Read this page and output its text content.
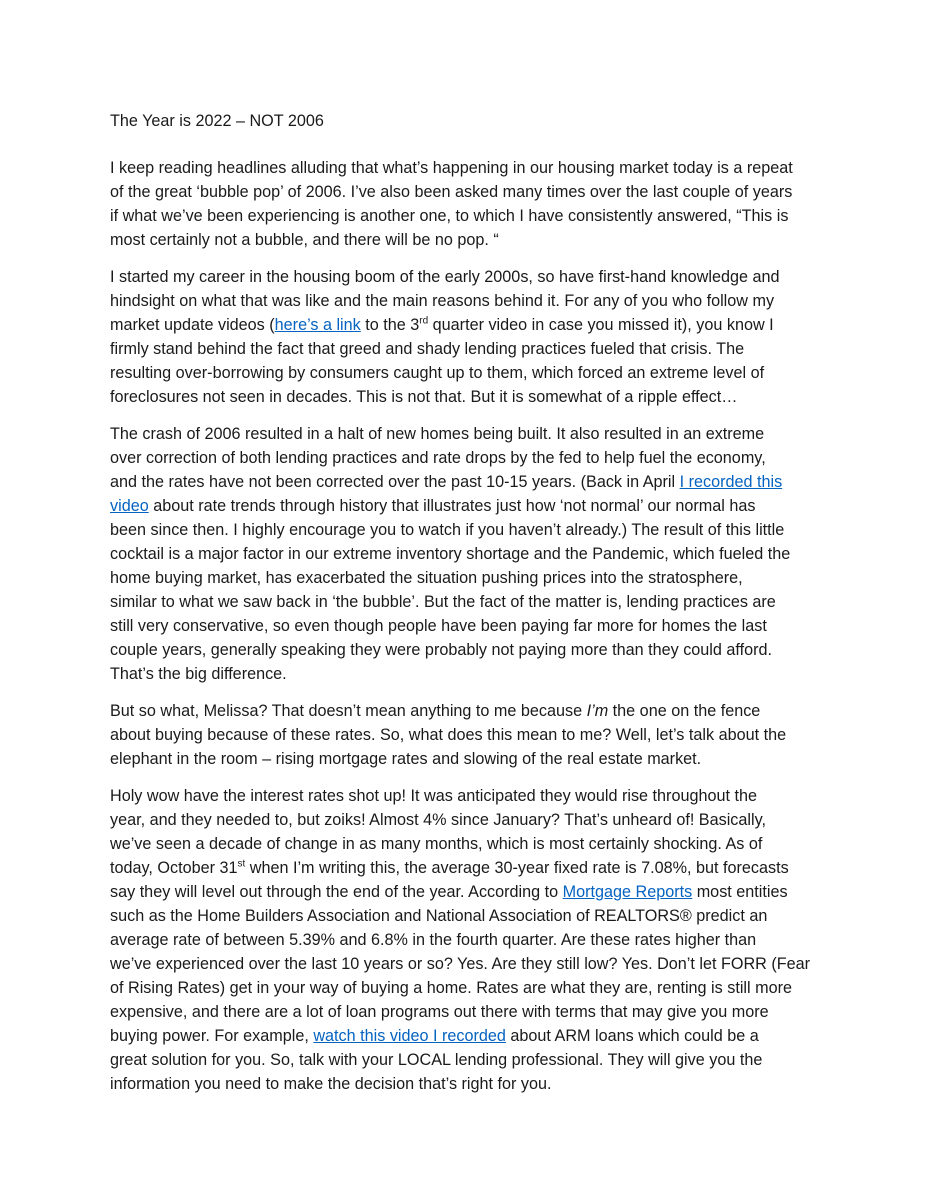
The Year is 2022 – NOT 2006
I keep reading headlines alluding that what’s happening in our housing market today is a repeat
of the great ‘bubble pop’ of 2006. I’ve also been asked many times over the last couple of years
if what we’ve been experiencing is another one, to which I have consistently answered, “This is
most certainly not a bubble, and there will be no pop. “
I started my career in the housing boom of the early 2000s, so have first-hand knowledge and
hindsight on what that was like and the main reasons behind it. For any of you who follow my
market update videos (here’s a link to the 3rd quarter video in case you missed it), you know I
firmly stand behind the fact that greed and shady lending practices fueled that crisis. The
resulting over-borrowing by consumers caught up to them, which forced an extreme level of
foreclosures not seen in decades. This is not that. But it is somewhat of a ripple effect…
The crash of 2006 resulted in a halt of new homes being built. It also resulted in an extreme
over correction of both lending practices and rate drops by the fed to help fuel the economy,
and the rates have not been corrected over the past 10-15 years. (Back in April I recorded this
video about rate trends through history that illustrates just how ‘not normal’ our normal has
been since then. I highly encourage you to watch if you haven’t already.) The result of this little
cocktail is a major factor in our extreme inventory shortage and the Pandemic, which fueled the
home buying market, has exacerbated the situation pushing prices into the stratosphere,
similar to what we saw back in ‘the bubble’. But the fact of the matter is, lending practices are
still very conservative, so even though people have been paying far more for homes the last
couple years, generally speaking they were probably not paying more than they could afford.
That’s the big difference.
But so what, Melissa? That doesn’t mean anything to me because I’m the one on the fence
about buying because of these rates. So, what does this mean to me? Well, let’s talk about the
elephant in the room – rising mortgage rates and slowing of the real estate market.
Holy wow have the interest rates shot up! It was anticipated they would rise throughout the
year, and they needed to, but zoiks! Almost 4% since January? That’s unheard of! Basically,
we’ve seen a decade of change in as many months, which is most certainly shocking. As of
today, October 31st when I’m writing this, the average 30-year fixed rate is 7.08%, but forecasts
say they will level out through the end of the year. According to Mortgage Reports most entities
such as the Home Builders Association and National Association of REALTORS® predict an
average rate of between 5.39% and 6.8% in the fourth quarter. Are these rates higher than
we’ve experienced over the last 10 years or so? Yes. Are they still low? Yes. Don’t let FORR (Fear
of Rising Rates) get in your way of buying a home. Rates are what they are, renting is still more
expensive, and there are a lot of loan programs out there with terms that may give you more
buying power. For example, watch this video I recorded about ARM loans which could be a
great solution for you. So, talk with your LOCAL lending professional. They will give you the
information you need to make the decision that’s right for you.
